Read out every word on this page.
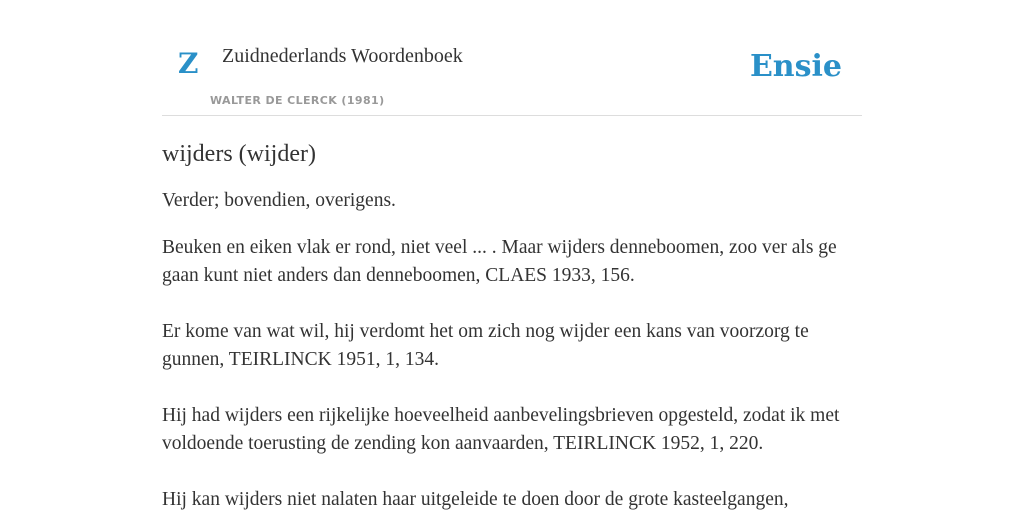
Z Zuidnederlands Woordenboek
WALTER DE CLERCK (1981)
Ensie
wijders (wijder)

Verder; bovendien, overigens.

Beuken en eiken vlak er rond, niet veel ... . Maar wijders denneboomen, zoo ver als ge gaan kunt niet anders dan denneboomen, CLAES 1933, 156.
Er kome van wat wil, hij verdomt het om zich nog wijder een kans van voorzorg te gunnen, TEIRLINCK 1951, 1, 134.
Hij had wijders een rijkelijke hoeveelheid aanbevelingsbrieven opgesteld, zodat ik met voldoende toerusting de zending kon aanvaarden, TEIRLINCK 1952, 1, 220.
Hij kan wijders niet nalaten haar uitgeleide te doen door de grote kasteelgangen,
